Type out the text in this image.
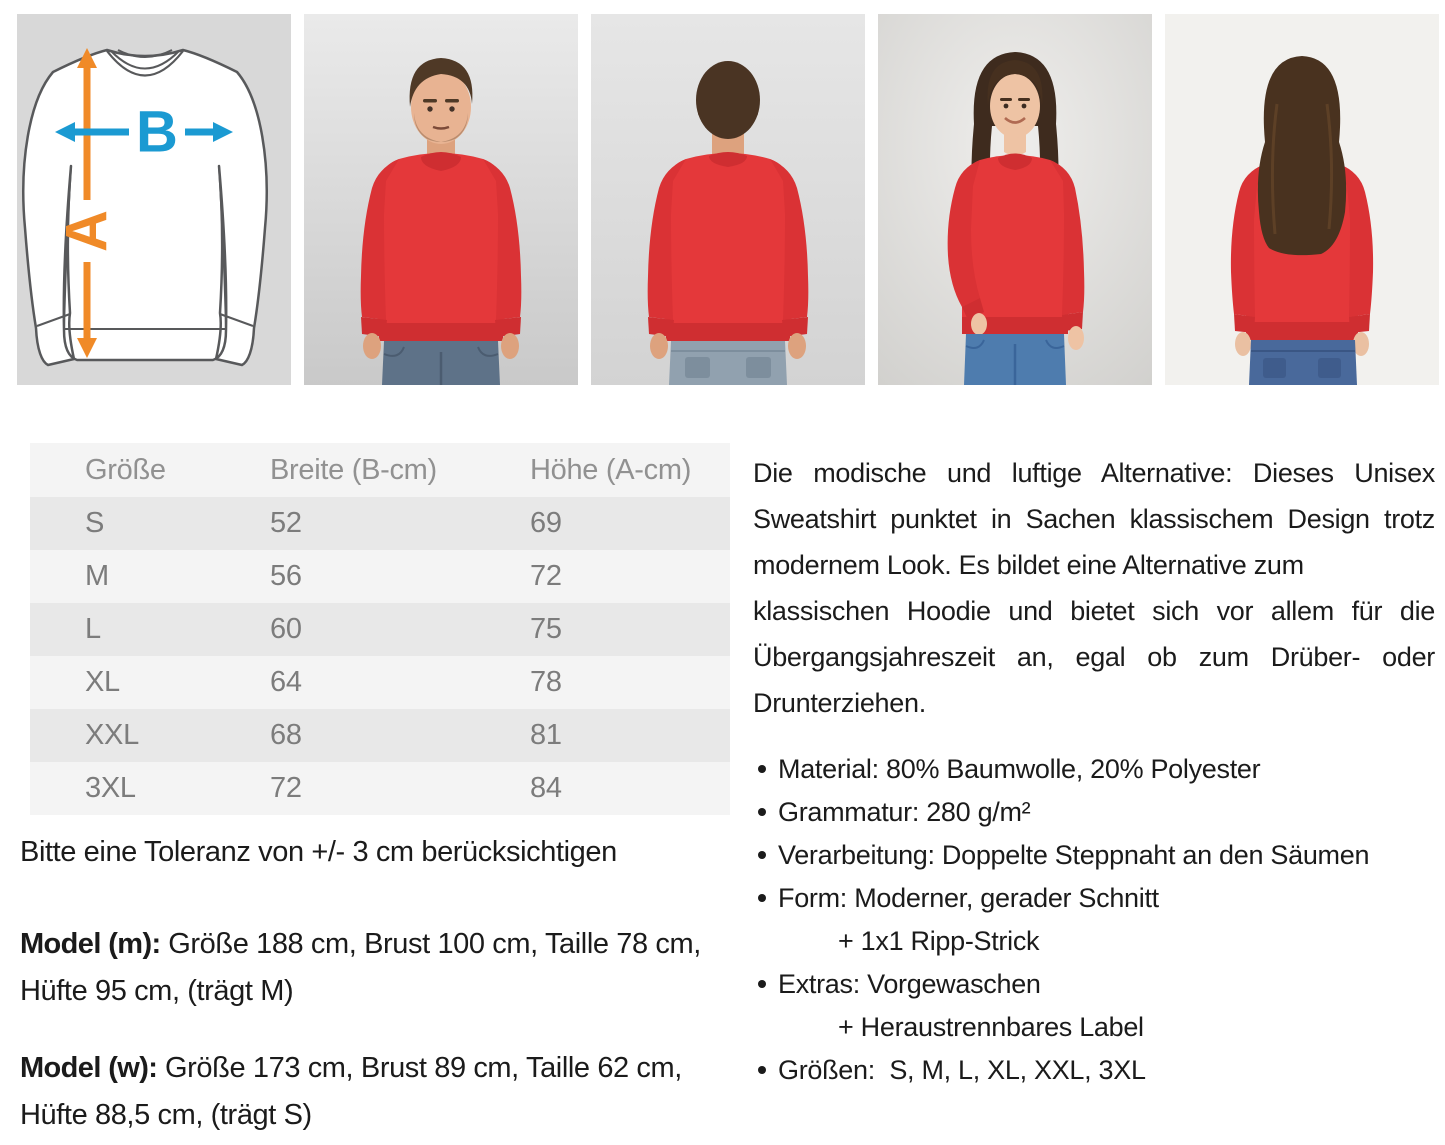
A
B
Größe	Breite (B-cm)	Höhe (A-cm)
S	52	69
M	56	72
L	60	75
XL	64	78
XXL	68	81
3XL	72	84

Bitte eine Toleranz von +/- 3 cm berücksichtigen

Model (m): Größe 188 cm, Brust 100 cm, Taille 78 cm, Hüfte 95 cm, (trägt M)

Model (w): Größe 173 cm, Brust 89 cm, Taille 62 cm, Hüfte 88,5 cm, (trägt S)

Die modische und luftige Alternative: Dieses Unisex
Sweatshirt punktet in Sachen klassischem Design trotz
modernem Look. Es bildet eine Alternative zum
klassischen Hoodie und bietet sich vor allem für die
Übergangsjahreszeit an, egal ob zum Drüber- oder
Drunterziehen.
Material: 80% Baumwolle, 20% Polyester
Grammatur: 280 g/m²
Verarbeitung: Doppelte Steppnaht an den Säumen
Form: Moderner, gerader Schnitt
+ 1x1 Ripp-Strick
Extras: Vorgewaschen
+ Heraustrennbares Label
Größen:  S, M, L, XL, XXL, 3XL
